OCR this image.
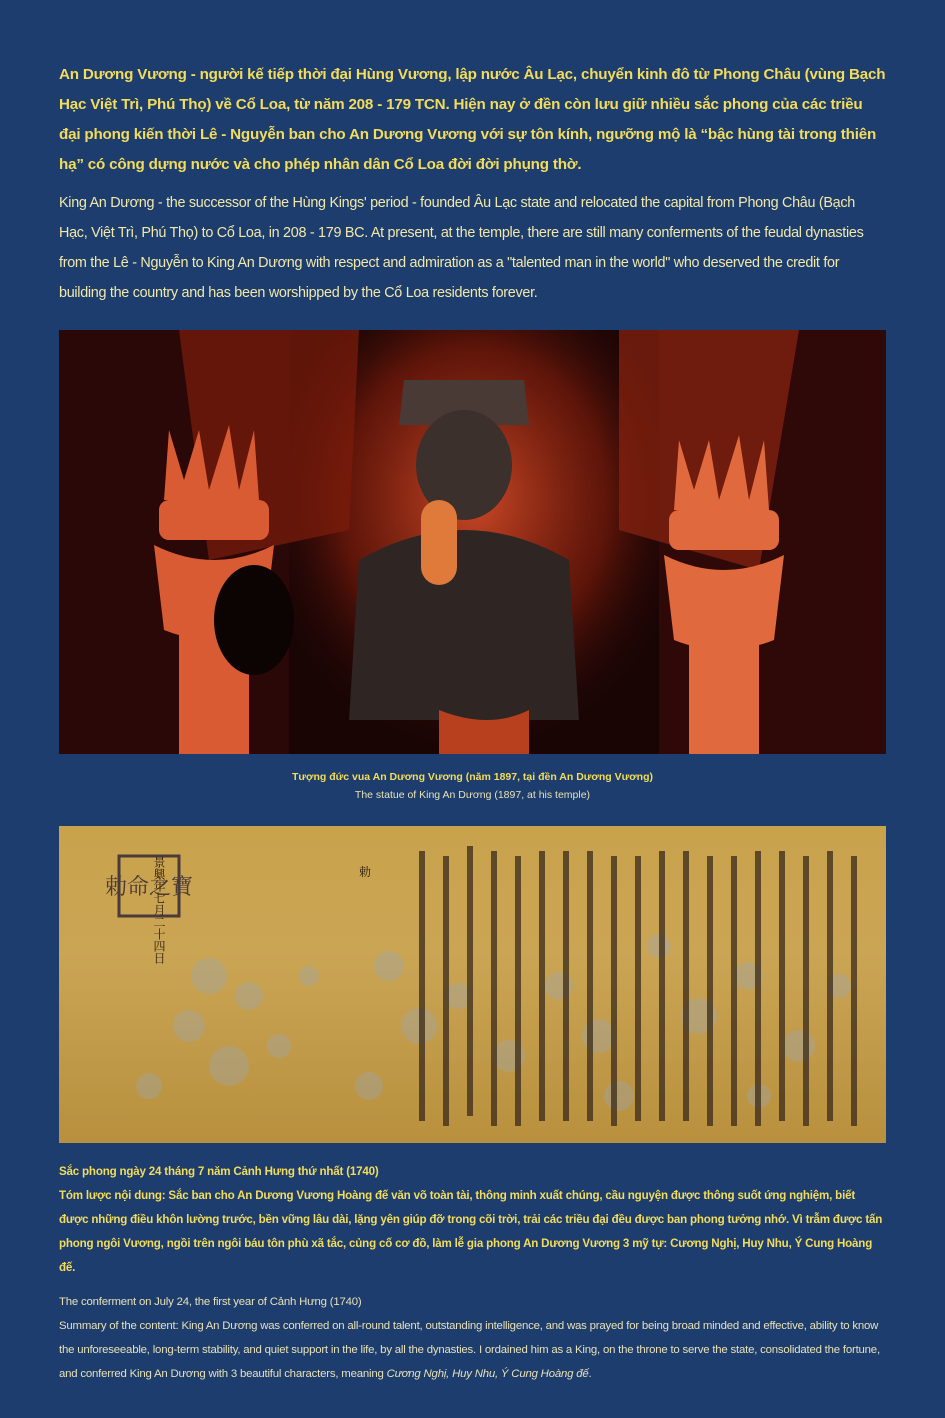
An Dương Vương - người kế tiếp thời đại Hùng Vương, lập nước Âu Lạc, chuyển kinh đô từ Phong Châu (vùng Bạch Hạc Việt Trì, Phú Thọ) về Cổ Loa, từ năm 208 - 179 TCN. Hiện nay ở đền còn lưu giữ nhiều sắc phong của các triều đại phong kiến thời Lê - Nguyễn ban cho An Dương Vương với sự tôn kính, ngưỡng mộ là “bậc hùng tài trong thiên hạ” có công dựng nước và cho phép nhân dân Cổ Loa đời đời phụng thờ.

King An Dương - the successor of the Hùng Kings' period - founded Âu Lạc state and relocated the capital from Phong Châu (Bạch Hạc, Việt Trì, Phú Thọ) to Cổ Loa, in 208 - 179 BC. At present, at the temple, there are still many conferments of the feudal dynasties from the Lê - Nguyễn to King An Dương with respect and admiration as a "talented man in the world" who deserved the credit for building the country and has been worshipped by the Cổ Loa residents forever.

Tượng đức vua An Dương Vương (năm 1897, tại đền An Dương Vương)
The statue of King An Dương (1897, at his temple)
勅命之寶
景興年七月二十四日	勅

Sắc phong ngày 24 tháng 7 năm Cảnh Hưng thứ nhất (1740)

Tóm lược nội dung: Sắc ban cho An Dương Vương Hoàng đế văn võ toàn tài, thông minh xuất chúng, cầu nguyện được thông suốt ứng nghiệm, biết được những điều khôn lường trước, bền vững lâu dài, lặng yên giúp đỡ trong cõi trời, trải các triều đại đều được ban phong tưởng nhớ. Vì trẫm được tấn phong ngôi Vương, ngồi trên ngôi báu tôn phù xã tắc, củng cố cơ đồ, làm lễ gia phong An Dương Vương 3 mỹ tự: Cương Nghị, Huy Nhu, Ý Cung Hoàng đế.

The conferment on July 24, the first year of Cảnh Hưng (1740)

Summary of the content: King An Dương was conferred on all-round talent, outstanding intelligence, and was prayed for being broad minded and effective, ability to know the unforeseeable, long-term stability, and quiet support in the life, by all the dynasties. I ordained him as a King, on the throne to serve the state, consolidated the fortune, and conferred King An Dương with 3 beautiful characters, meaning Cương Nghị, Huy Nhu, Ý Cung Hoàng đế.
